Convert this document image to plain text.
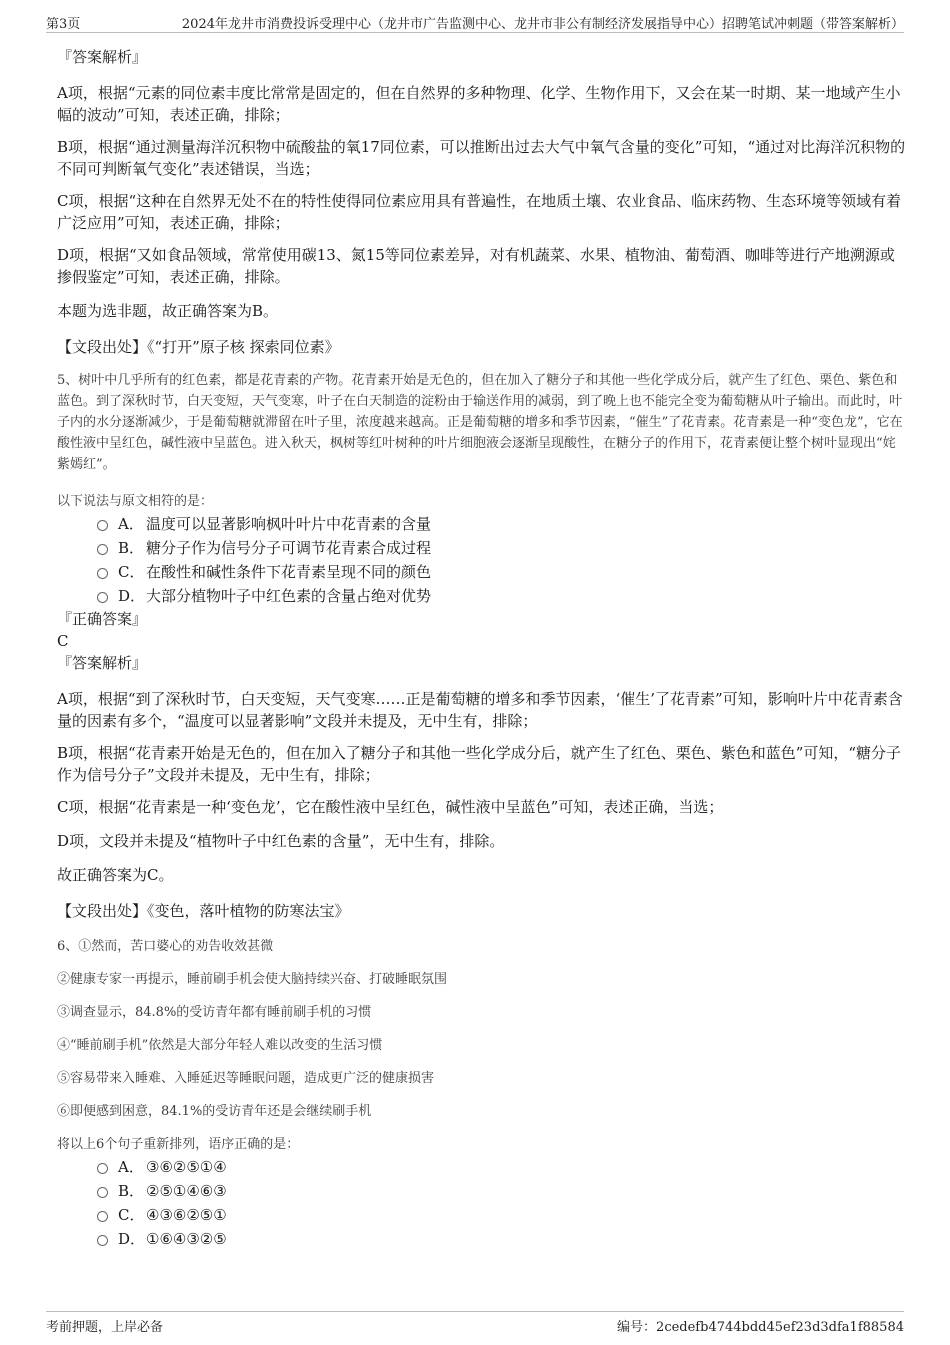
第3页	2024年龙井市消费投诉受理中心（龙井市广告监测中心、龙井市非公有制经济发展指导中心）招聘笔试冲刺题（带答案解析）

『答案解析』

A项，根据“元素的同位素丰度比常常是固定的，但在自然界的多种物理、化学、生物作用下，又会在某一时期、某一地域产生小幅的波动”可知，表述正确，排除；

B项，根据“通过测量海洋沉积物中硫酸盐的氧17同位素，可以推断出过去大气中氧气含量的变化”可知，“通过对比海洋沉积物的不同可判断氧气变化”表述错误，当选；

C项，根据“这种在自然界无处不在的特性使得同位素应用具有普遍性，在地质土壤、农业食品、临床药物、生态环境等领域有着广泛应用”可知，表述正确，排除；

D项，根据“又如食品领域，常常使用碳13、氮15等同位素差异，对有机蔬菜、水果、植物油、葡萄酒、咖啡等进行产地溯源或掺假鉴定”可知，表述正确，排除。

本题为选非题，故正确答案为B。

【文段出处】《“打开”原子核 探索同位素》

5、树叶中几乎所有的红色素，都是花青素的产物。花青素开始是无色的，但在加入了糖分子和其他一些化学成分后，就产生了红色、栗色、紫色和蓝色。到了深秋时节，白天变短，天气变寒，叶子在白天制造的淀粉由于输送作用的减弱，到了晚上也不能完全变为葡萄糖从叶子输出。而此时，叶子内的水分逐渐减少，于是葡萄糖就滞留在叶子里，浓度越来越高。正是葡萄糖的增多和季节因素，“催生”了花青素。花青素是一种“变色龙”，它在酸性液中呈红色，碱性液中呈蓝色。进入秋天，枫树等红叶树种的叶片细胞液会逐渐呈现酸性，在糖分子的作用下，花青素便让整个树叶显现出“姹紫嫣红”。

以下说法与原文相符的是：

A． 温度可以显著影响枫叶叶片中花青素的含量
B． 糖分子作为信号分子可调节花青素合成过程
C． 在酸性和碱性条件下花青素呈现不同的颜色
D．大部分植物叶子中红色素的含量占绝对优势

『正确答案』

C

『答案解析』

A项，根据“到了深秋时节，白天变短，天气变寒……正是葡萄糖的增多和季节因素，‘催生’了花青素”可知，影响叶片中花青素含量的因素有多个，“温度可以显著影响”文段并未提及，无中生有，排除；

B项，根据“花青素开始是无色的，但在加入了糖分子和其他一些化学成分后，就产生了红色、栗色、紫色和蓝色”可知，“糖分子作为信号分子”文段并未提及，无中生有，排除；

C项，根据“花青素是一种‘变色龙’，它在酸性液中呈红色，碱性液中呈蓝色”可知，表述正确，当选；

D项，文段并未提及“植物叶子中红色素的含量”，无中生有，排除。

故正确答案为C。

【文段出处】《变色，落叶植物的防寒法宝》

6、①然而，苦口婆心的劝告收效甚微

②健康专家一再提示，睡前刷手机会使大脑持续兴奋、打破睡眠氛围

③调查显示，84.8%的受访青年都有睡前刷手机的习惯

④“睡前刷手机”依然是大部分年轻人难以改变的生活习惯

⑤容易带来入睡难、入睡延迟等睡眠问题，造成更广泛的健康损害

⑥即便感到困意，84.1%的受访青年还是会继续刷手机

将以上6个句子重新排列，语序正确的是：

A． ③⑥②⑤①④
B． ②⑤①④⑥③
C． ④③⑥②⑤①
D．①⑥④③②⑤
考前押题，上岸必备	编号：2cedefb4744bdd45ef23d3dfa1f88584
